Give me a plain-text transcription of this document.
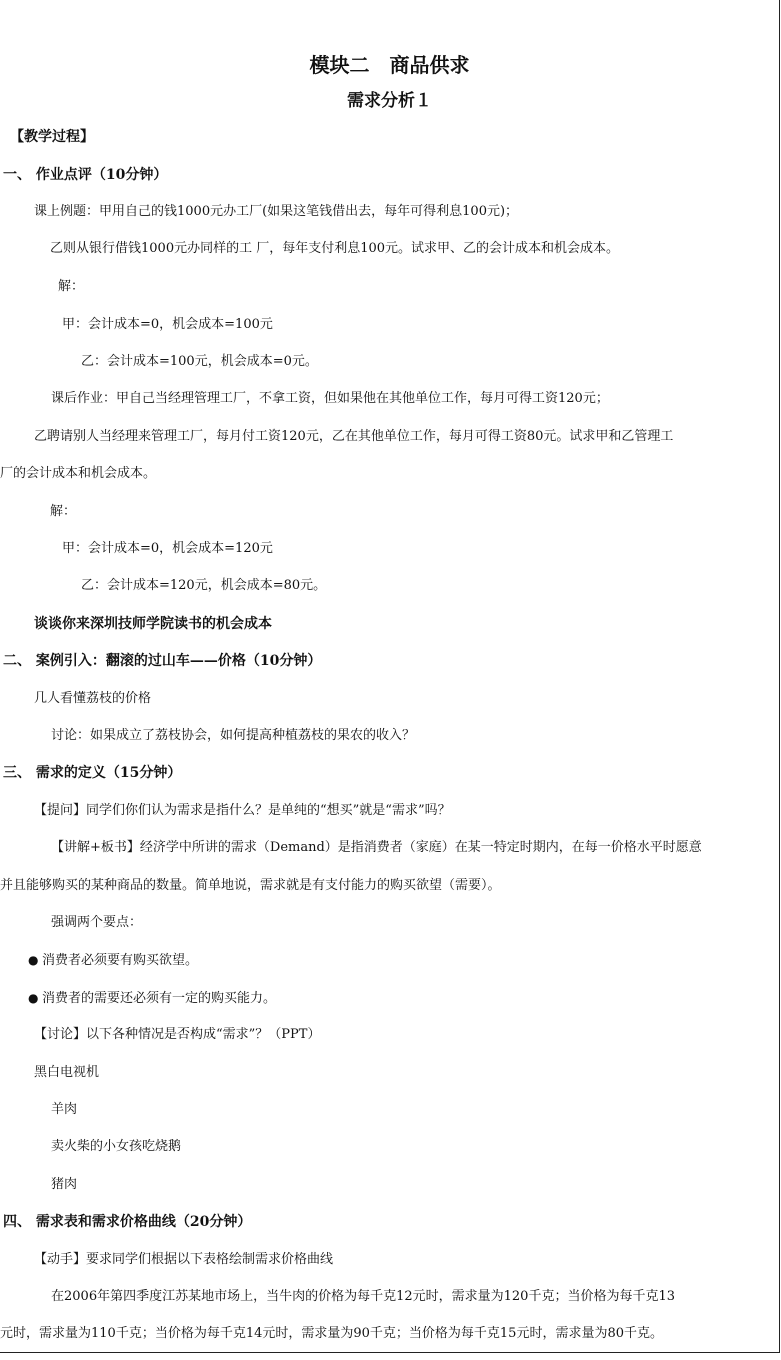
模块二 商品供求
需求分析１
【教学过程】
一、 作业点评（10分钟）
课上例题：甲用自己的钱1000元办工厂(如果这笔钱借出去，每年可得利息100元)；
乙则从银行借钱1000元办同样的工 厂，每年支付利息100元。试求甲、乙的会计成本和机会成本。
解：
甲：会计成本=0，机会成本=100元
乙：会计成本=100元，机会成本=0元。
课后作业：甲自己当经理管理工厂，不拿工资，但如果他在其他单位工作，每月可得工资120元；
乙聘请别人当经理来管理工厂，每月付工资120元，乙在其他单位工作，每月可得工资80元。试求甲和乙管理工
厂的会计成本和机会成本。
解：
甲：会计成本=0，机会成本=120元
乙：会计成本=120元，机会成本=80元。
谈谈你来深圳技师学院读书的机会成本
二、 案例引入：翻滚的过山车——价格（10分钟）
几人看懂荔枝的价格
讨论：如果成立了荔枝协会，如何提高种植荔枝的果农的收入？
三、 需求的定义（15分钟）
【提问】同学们你们认为需求是指什么？是单纯的“想买”就是“需求”吗？
【讲解+板书】经济学中所讲的需求（Demand）是指消费者（家庭）在某一特定时期内，在每一价格水平时愿意
并且能够购买的某种商品的数量。简单地说，需求就是有支付能力的购买欲望（需要）。
强调两个要点：
● 消费者必须要有购买欲望。
● 消费者的需要还必须有一定的购买能力。
【讨论】以下各种情况是否构成“需求”？（PPT）
黑白电视机
羊肉
卖火柴的小女孩吃烧鹅
猪肉
四、 需求表和需求价格曲线（20分钟）
【动手】要求同学们根据以下表格绘制需求价格曲线
在2006年第四季度江苏某地市场上，当牛肉的价格为每千克12元时，需求量为120千克；当价格为每千克13
元时，需求量为110千克；当价格为每千克14元时，需求量为90千克；当价格为每千克15元时，需求量为80千克。
